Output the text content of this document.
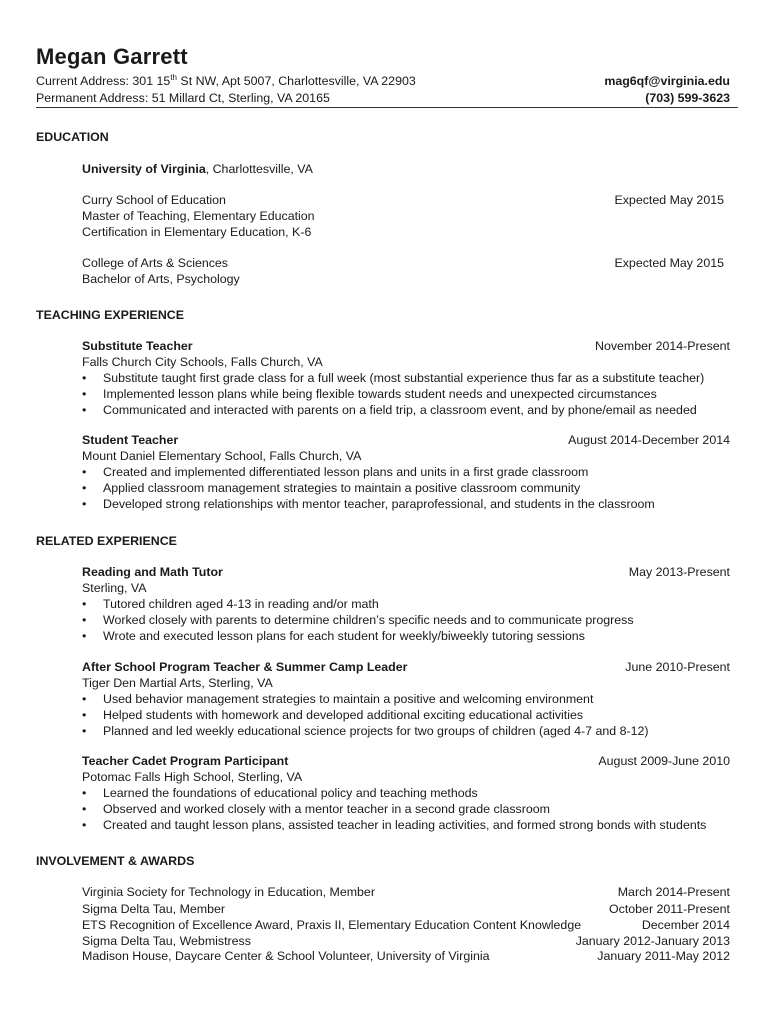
Megan Garrett
Current Address: 301 15th St NW, Apt 5007, Charlottesville, VA 22903
Permanent Address: 51 Millard Ct, Sterling, VA 20165
mag6qf@virginia.edu
(703) 599-3623
EDUCATION
University of Virginia, Charlottesville, VA
Curry School of Education	Expected May 2015
Master of Teaching, Elementary Education
Certification in Elementary Education, K-6
College of Arts & Sciences	Expected May 2015
Bachelor of Arts, Psychology
TEACHING EXPERIENCE
Substitute Teacher	November 2014-Present
Falls Church City Schools, Falls Church, VA
• Substitute taught first grade class for a full week (most substantial experience thus far as a substitute teacher)
• Implemented lesson plans while being flexible towards student needs and unexpected circumstances
• Communicated and interacted with parents on a field trip, a classroom event, and by phone/email as needed
Student Teacher	August 2014-December 2014
Mount Daniel Elementary School, Falls Church, VA
• Created and implemented differentiated lesson plans and units in a first grade classroom
• Applied classroom management strategies to maintain a positive classroom community
• Developed strong relationships with mentor teacher, paraprofessional, and students in the classroom
RELATED EXPERIENCE
Reading and Math Tutor	May 2013-Present
Sterling, VA
• Tutored children aged 4-13 in reading and/or math
• Worked closely with parents to determine children’s specific needs and to communicate progress
• Wrote and executed lesson plans for each student for weekly/biweekly tutoring sessions
After School Program Teacher & Summer Camp Leader	June 2010-Present
Tiger Den Martial Arts, Sterling, VA
• Used behavior management strategies to maintain a positive and welcoming environment
• Helped students with homework and developed additional exciting educational activities
• Planned and led weekly educational science projects for two groups of children (aged 4-7 and 8-12)
Teacher Cadet Program Participant	August 2009-June 2010
Potomac Falls High School, Sterling, VA
• Learned the foundations of educational policy and teaching methods
• Observed and worked closely with a mentor teacher in a second grade classroom
• Created and taught lesson plans, assisted teacher in leading activities, and formed strong bonds with students
INVOLVEMENT & AWARDS
Virginia Society for Technology in Education, Member	March 2014-Present
Sigma Delta Tau, Member	October 2011-Present
ETS Recognition of Excellence Award, Praxis II, Elementary Education Content Knowledge	December 2014
Sigma Delta Tau, Webmistress	January 2012-January 2013
Madison House, Daycare Center & School Volunteer, University of Virginia	January 2011-May 2012
